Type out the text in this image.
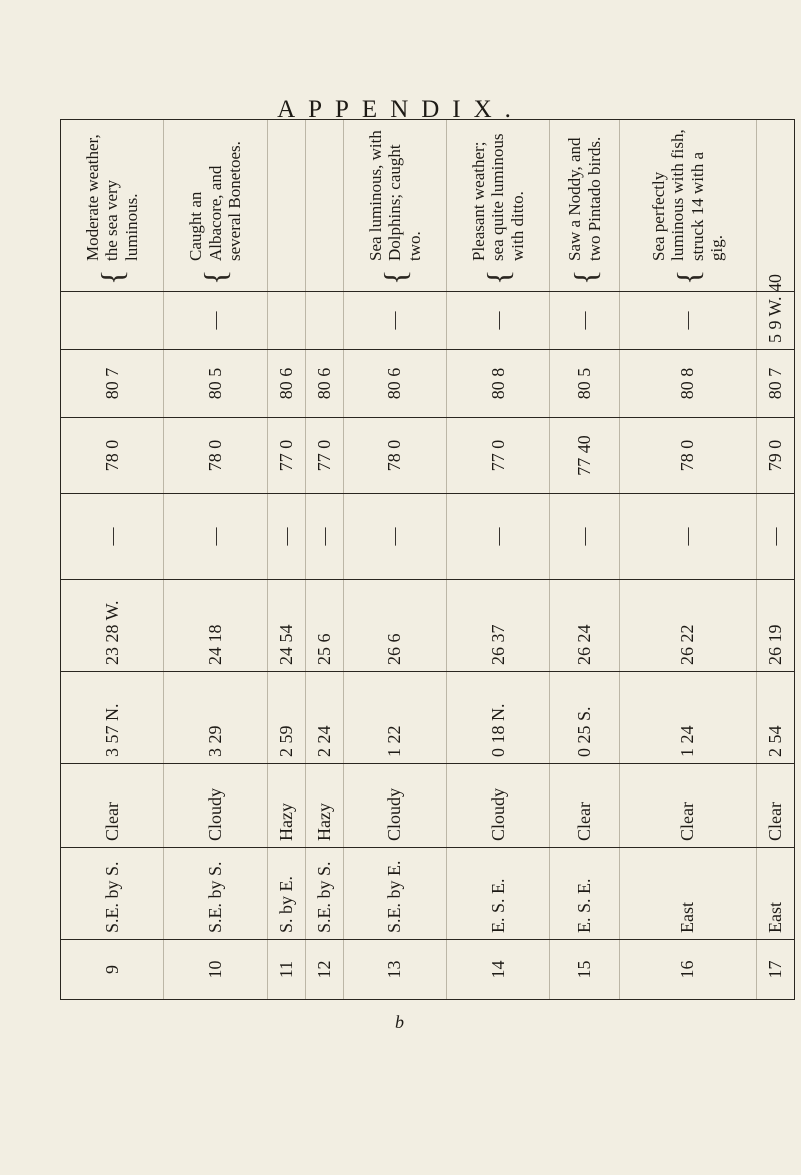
APPENDIX.
9	S.E. by S.	Clear	3 57 N.	23 28 W.	—	78 0	80 7		{
Moderate weather, the sea very luminous.
10	S.E. by S.	Cloudy	3 29	24 18	—	78 0	80 5	—	{
Caught an Albacore, and several Bonetoes.
11	S. by E.	Hazy	2 59	24 54	—	77 0	80 6		
12	S.E. by S.	Hazy	2 24	25 6	—	77 0	80 6		
13	S.E. by E.	Cloudy	1 22	26 6	—	78 0	80 6	—	{
Sea luminous, with Dolphins; caught two.
14	E. S. E.	Cloudy	0 18 N.	26 37	—	77 0	80 8	—	{
Pleasant weather; sea quite luminous with ditto.
15	E. S. E.	Clear	0 25 S.	26 24	—	77 40	80 5	—	{
Saw a Noddy, and two Pintado birds.
16	East	Clear	1 24	26 22	—	78 0	80 8	—	{
Sea perfectly luminous with fish, struck 14 with a gig.
17	East	Clear	2 54	26 19	—	79 0	80 7	5 9 W. 40	
b
